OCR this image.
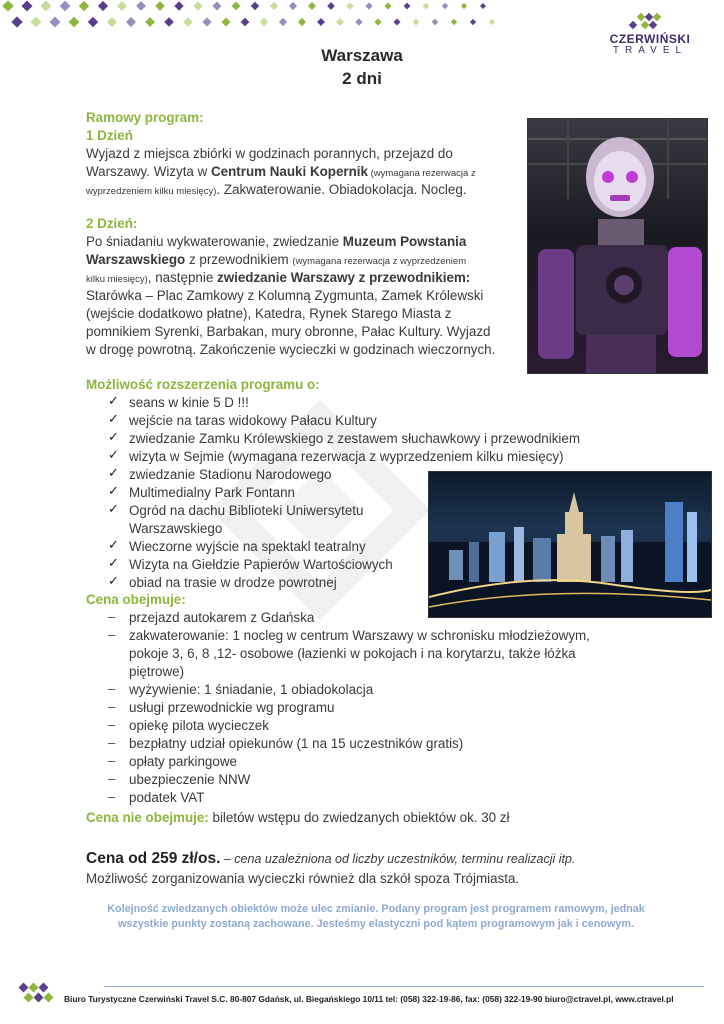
CZERWIŃSKI
TRAVEL
Warszawa
2 dni
Ramowy program:
1 Dzień
Wyjazd z miejsca zbiórki w godzinach porannych, przejazd do
Warszawy. Wizyta w Centrum Nauki Kopernik (wymagana rezerwacja z
wyprzedzeniem kilku miesięcy). Zakwaterowanie. Obiadokolacja. Nocleg.
2 Dzień:
Po śniadaniu wykwaterowanie, zwiedzanie Muzeum Powstania
Warszawskiego z przewodnikiem (wymagana rezerwacja z wyprzedzeniem
kilku miesięcy), następnie zwiedzanie Warszawy z przewodnikiem:
Starówka – Plac Zamkowy z Kolumną Zygmunta, Zamek Królewski
(wejście dodatkowo płatne), Katedra, Rynek Starego Miasta z
pomnikiem Syrenki, Barbakan, mury obronne, Pałac Kultury. Wyjazd
w drogę powrotną. Zakończenie wycieczki w godzinach wieczornych.
Możliwość rozszerzenia programu o:
✓ seans w kinie 5 D !!!
✓ wejście na taras widokowy Pałacu Kultury
✓ zwiedzanie Zamku Królewskiego z zestawem słuchawkowy i przewodnikiem
✓ wizyta w Sejmie (wymagana rezerwacja z wyprzedzeniem kilku miesięcy)
✓ zwiedzanie Stadionu Narodowego
✓ Multimedialny Park Fontann
✓ Ogród na dachu Biblioteki Uniwersytetu
Warszawskiego
✓ Wieczorne wyjście na spektakl teatralny
✓ Wizyta na Giełdzie Papierów Wartościowych
✓ obiad na trasie w drodze powrotnej
Cena obejmuje:
– przejazd autokarem z Gdańska
– zakwaterowanie: 1 nocleg w centrum Warszawy w schronisku młodzieżowym,
pokoje 3, 6, 8 ,12- osobowe (łazienki w pokojach i na korytarzu, także łóżka
piętrowe)
– wyżywienie: 1 śniadanie, 1 obiadokolacja
– usługi przewodnickie wg programu
– opiekę pilota wycieczek
– bezpłatny udział opiekunów (1 na 15 uczestników gratis)
– opłaty parkingowe
– ubezpieczenie NNW
– podatek VAT
Cena nie obejmuje: biletów wstępu do zwiedzanych obiektów ok. 30 zł
Cena od 259 zł/os. – cena uzależniona od liczby uczestników, terminu realizacji itp.
Możliwość zorganizowania wycieczki również dla szkół spoza Trójmiasta.
Kolejność zwiedzanych obiektów może ulec zmianie. Podany program jest programem ramowym, jednak
wszystkie punkty zostaną zachowane. Jesteśmy elastyczni pod kątem programowym jak i cenowym.
Biuro Turystyczne Czerwiński Travel S.C. 80-807 Gdańsk, ul. Biegańskiego 10/11 tel: (058) 322-19-86, fax: (058) 322-19-90 biuro@ctravel.pl, www.ctravel.pl
